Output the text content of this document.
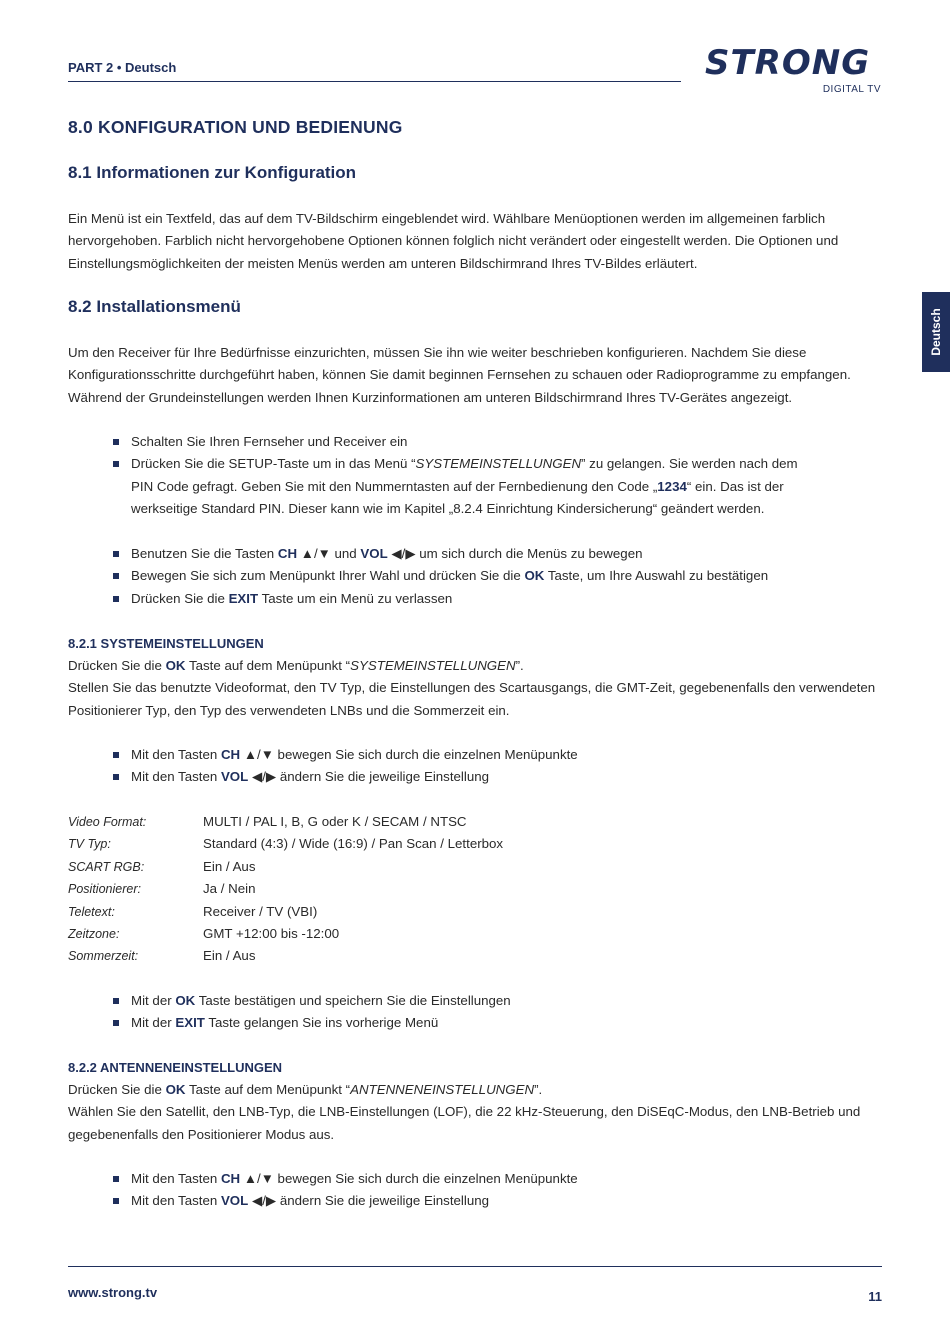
PART 2 • Deutsch	STRONG
DIGITAL TV
Deutsch
8.0 KONFIGURATION UND BEDIENUNG
8.1 Informationen zur Konfiguration
Ein Menü ist ein Textfeld, das auf dem TV-Bildschirm eingeblendet wird. Wählbare Menüoptionen werden im allgemeinen farblich
hervorgehoben. Farblich nicht hervorgehobene Optionen können folglich nicht verändert oder eingestellt werden. Die Optionen und
Einstellungsmöglichkeiten der meisten Menüs werden am unteren Bildschirmrand Ihres TV-Bildes erläutert.
8.2 Installationsmenü
Um den Receiver für Ihre Bedürfnisse einzurichten, müssen Sie ihn wie weiter beschrieben konfigurieren. Nachdem Sie diese
Konfigurationsschritte durchgeführt haben, können Sie damit beginnen Fernsehen zu schauen oder Radioprogramme zu empfangen.
Während der Grundeinstellungen werden Ihnen Kurzinformationen am unteren Bildschirmrand Ihres TV-Gerätes angezeigt.
Schalten Sie Ihren Fernseher und Receiver ein
Drücken Sie die SETUP-Taste um in das Menü “SYSTEMEINSTELLUNGEN” zu gelangen. Sie werden nach dem
PIN Code gefragt. Geben Sie mit den Nummerntasten auf der Fernbedienung den Code „1234“ ein. Das ist der
werkseitige Standard PIN. Dieser kann wie im Kapitel „8.2.4 Einrichtung Kindersicherung“ geändert werden.
Benutzen Sie die Tasten CH ▲/▼ und VOL ◀/▶ um sich durch die Menüs zu bewegen
Bewegen Sie sich zum Menüpunkt Ihrer Wahl und drücken Sie die OK Taste, um Ihre Auswahl zu bestätigen
Drücken Sie die EXIT Taste um ein Menü zu verlassen
8.2.1 SYSTEMEINSTELLUNGEN
Drücken Sie die OK Taste auf dem Menüpunkt “SYSTEMEINSTELLUNGEN”.
Stellen Sie das benutzte Videoformat, den TV Typ, die Einstellungen des Scartausgangs, die GMT-Zeit, gegebenenfalls den verwendeten
Positionierer Typ, den Typ des verwendeten LNBs und die Sommerzeit ein.
Mit den Tasten CH ▲/▼ bewegen Sie sich durch die einzelnen Menüpunkte
Mit den Tasten VOL ◀/▶ ändern Sie die jeweilige Einstellung
Video Format:	MULTI / PAL I, B, G oder K / SECAM / NTSC
TV Typ:	Standard (4:3) / Wide (16:9) / Pan Scan / Letterbox
SCART RGB:	Ein / Aus
Positionierer:	Ja / Nein
Teletext:	Receiver / TV (VBI)
Zeitzone:	GMT +12:00 bis -12:00
Sommerzeit:	Ein / Aus
Mit der OK Taste bestätigen und speichern Sie die Einstellungen
Mit der EXIT Taste gelangen Sie ins vorherige Menü
8.2.2 ANTENNENEINSTELLUNGEN
Drücken Sie die OK Taste auf dem Menüpunkt “ANTENNENEINSTELLUNGEN”.
Wählen Sie den Satellit, den LNB-Typ, die LNB-Einstellungen (LOF), die 22 kHz-Steuerung, den DiSEqC-Modus, den LNB-Betrieb und
gegebenenfalls den Positionierer Modus aus.
Mit den Tasten CH ▲/▼ bewegen Sie sich durch die einzelnen Menüpunkte
Mit den Tasten VOL ◀/▶ ändern Sie die jeweilige Einstellung
www.strong.tv	11
